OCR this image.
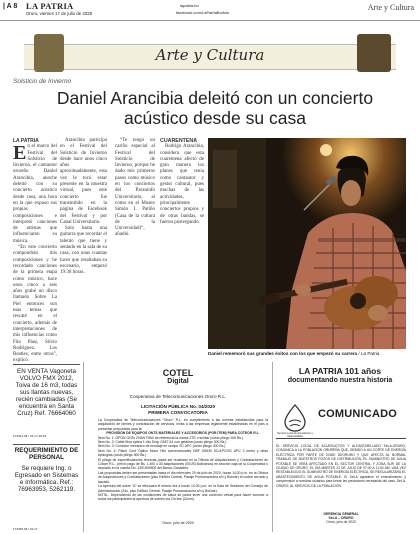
| A 8 LA PATRIA
Oruro, viernes 17 de julio de 2020
lapatria.bo
facebook.com/LaPatriaBolivia
Arte y Cultura
Arte y Cultura
Solsticio de Invierno
Daniel Arancibia deleitó con un concierto acústico desde su casa

LA PATRIA

En el marco del Festival del Solsticio de Invierno, el cantautor orureño Daniel Arancibia, anoche deleitó con su concierto acústico desde casa, una hora en la que expuso sus propias composiciones e interpretó canciones de artistas que influenciaron su música.

“En este concierto compondrán mis composiciones y he recordado canciones de la primera etapa como músico, hace unos cinco a seis años grabé un disco llamado Sobre La Piel entonces son esas temas que rescaté en el concierto, además de interpretaciones de mis influencias como Fito Páez, Silvio Rodríguez, Los Beatles, entre otros”, explicó.

Arancibia participa en el Festival del Solsticio de Invierno desde hace unos cinco años aproximadamente, esta vez le tocó estar presente en la muestra virtual, pues este concierto fue transmitido en la página de Facebook del Festival y por Canal Universitario.

Solo hasta una guitarra que recordar el talento que tiene y sentado en la sala de su casa, con unas cuantas luces que resaltaban su escenario, empezó 19:30 horas.

“Te tengo un cariño especial al Festival del Solsticio de Invierno, porque he dado mis primeros pasos como músico en los conciertos del Paraninfo Universitario, al como en el Museo Simón I. Patiño (Casa de la cultura de la Universidad)”, añadió.

CUARENTENA

Rodrigo Arancibia, considera que esta cuarentena afectó de gran manera los planes que tenía como cantautor y gestor cultural, pues muchas de las actividades, principalmente conciertos propios y de otras bandas, se fueron postergando.

Daniel rememoró sus grandes éxitos con los que empezó su carrera / La Patria
EN VENTA Vagoneta VOLVO FMX 2012, Toiva de 16 m3, todas sus llantas nuevas, recién cambiadas (Se encuentra en Santa Cruz) Ref. 76664060
173341 A8 / 16-17-18-19
REQUERIMIENTO DE PERSONAL
Se requiere Ing. o Egresado en Sistemas e Informática. Ref.: 76963953, 5262119.
173345 A8 / 16-17
COTEL
Digital
Cooperativa de Telecomunicaciones Oruro R.L.
LICITACIÓN PÚBLICA No. 04/2020
PRIMERA CONVOCATORIA

La Cooperativa de Telecomunicaciones “Oruro” R.L. en cumplimiento a las normas establecidas para la adquisición de bienes y contratación de servicios, invita a las empresas legalmente establecidas en el país a presentar propuestas para la:

PROVISIÓN DE EQUIPOS ONTS MATERIALES Y ACCESORIOS (POR ÍTEM) PARA COTEOR R.L.

Ítem No. 1: GPON ONTs ZHAN F660 de referencia la marca ZTE o similar (costo pliego 300 Bs.)

Ítem No. 2: Cable fibra óptica 1 hilo Drop G657 A1 con gelatina (costo pliego 300 Bs.)

Ítem No. 3: Conector mecánico de montaje en campo SC APC (costo pliego 300 Bs.)

Ítem No. 4: Patch Cord Óptico Mono Hilo convencionales DBF G6530 SC/APC/SC APC 2 metro y otras tipologías (costo pliego 300 Bs.)

El pliego de especificaciones técnicas podrá ser recabado en la Oficina de Adquisiciones y Contrataciones de Cotoer R.L., previo pago de Bs. 1.400 o 30 adquisiciones (00193 Bolivianos) en sección caja de la Cooperativa o depósito en la cuenta No. 1391500500 del Banco Ganadero.

Las propuestas deben ser presentadas hasta el día miércoles 29 de julio de 2020, horas 14:30 p.m. en la Oficina de Adquisiciones y Contrataciones (piso Edificio Central, Pasaje Pumamarcuma s/n y Bolívar) en sobre cerrado y lacrado.

La apertura del sobre “A” se efectuará el mismo día a horas 14:30 p.m. en la Sala de Sesiones del Consejo de Administración (2do. piso Edificio Central, Pasaje Pumamarcuma s/n y Bolívar).

NOTA.- Dependiendo de las condiciones de salud se podrá tener una conexión virtual para hacer conocer a todos los participantes la apertura de sobres vía On line (Zoom).

Oruro, julio de 2020
LA PATRIA 101 años
documentando nuestra historia
Servicio Local de Acueductos y Alcantarillado
COMUNICADO
EL SERVICIO LOCAL DE ACUEDUCTOS Y ALCANTARILLADO SeLA-ORURO, COMUNICA A LA POBLACIÓN ORUREÑA QUE, DEBIDO A UN CORTE DE ENERGÍA ELÉCTRICA POR PARTE DE ENDE DEORURO Y QUE AFECTA AL NORMAL TRABAJO DE NUESTROS POZOS DE DISTRIBUCIÓN, EL SUMINISTRO DE AGUA POTABLE SE VERÁ AFECTADO EN EL SECTOR CENTRAL Y ZONA SUR DE LA CIUDAD DE ORURO, EL DÍA MARTES 21 DE JULIO DE 07:00 A 11:00 AM, UNA VEZ RESTABLECIDO EL SUMINISTRO DE ENERGÍA ELÉCTRICA, SE REGULARIZARÁ EL ABASTECIMIENTO DE AGUA POTABLE. El SeLA agradece el entendimiento y comprensión a nuestros usuarios para tomar las previsiones necesarias del caso. SeLA-ORURO, AL SERVICIO DE LA POBLACIÓN.
GERENCIA GENERAL
SeLA – ORURO
Oruro, julio de 2020
